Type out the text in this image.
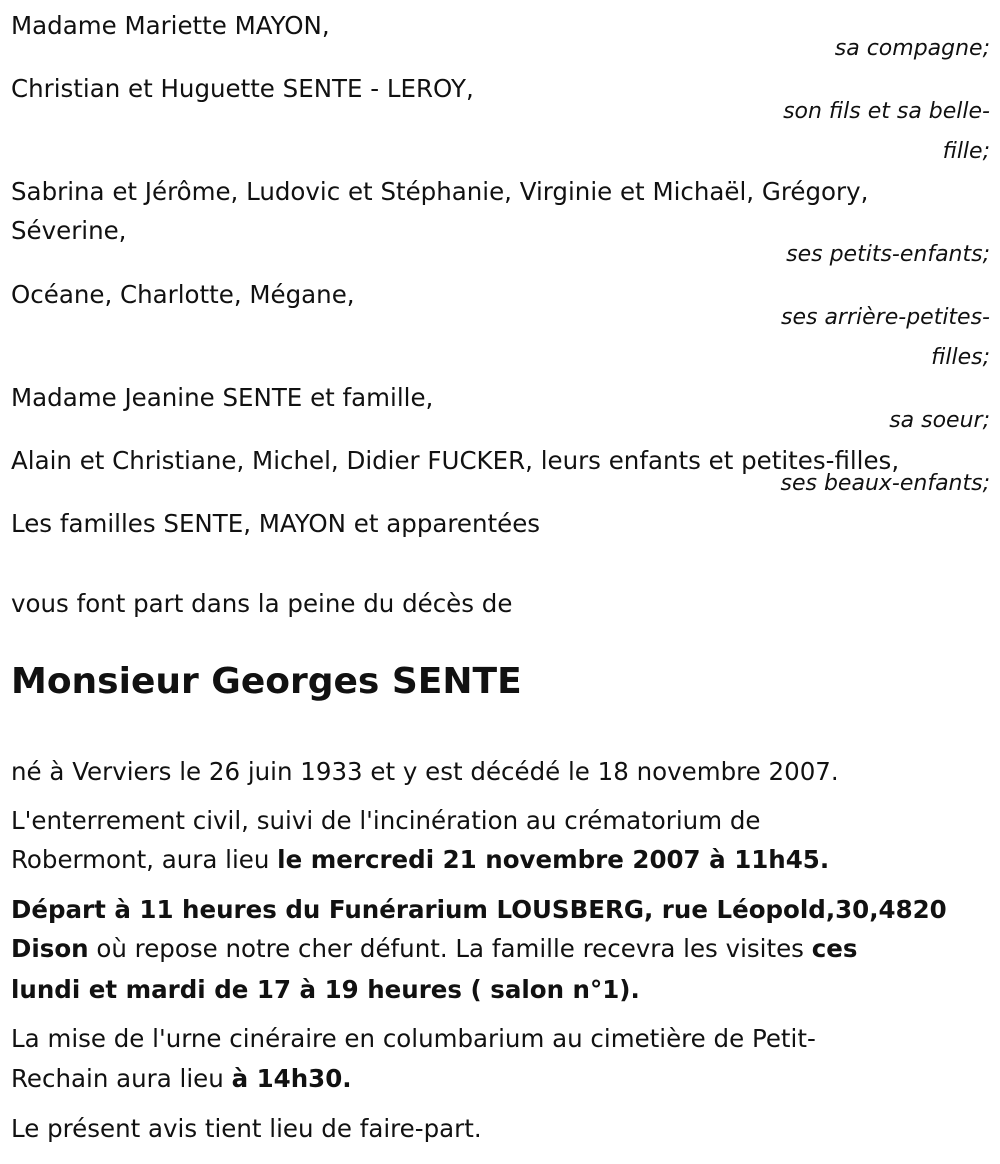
Madame Mariette MAYON,

sa compagne;

Christian et Huguette SENTE - LEROY,

son fils et sa belle-

fille;

Sabrina et Jérôme, Ludovic et Stéphanie, Virginie et Michaël, Grégory,

Séverine,

ses petits-enfants;

Océane, Charlotte, Mégane,

ses arrière-petites-

filles;

Madame Jeanine SENTE et famille,

sa soeur;

Alain et Christiane, Michel, Didier FUCKER, leurs enfants et petites-filles,

ses beaux-enfants;

Les familles SENTE, MAYON et apparentées

vous font part dans la peine du décès de

Monsieur Georges SENTE

né à Verviers le 26 juin 1933 et y est décédé le 18 novembre 2007.

L'enterrement civil, suivi de l'incinération au crématorium de

Robermont, aura lieu le mercredi 21 novembre 2007 à 11h45.

Départ à 11 heures du Funérarium LOUSBERG, rue Léopold,30,4820

Dison où repose notre cher défunt. La famille recevra les visites ces

lundi et mardi de 17 à 19 heures ( salon n°1).

La mise de l'urne cinéraire en columbarium au cimetière de Petit-

Rechain aura lieu à 14h30.

Le présent avis tient lieu de faire-part.
